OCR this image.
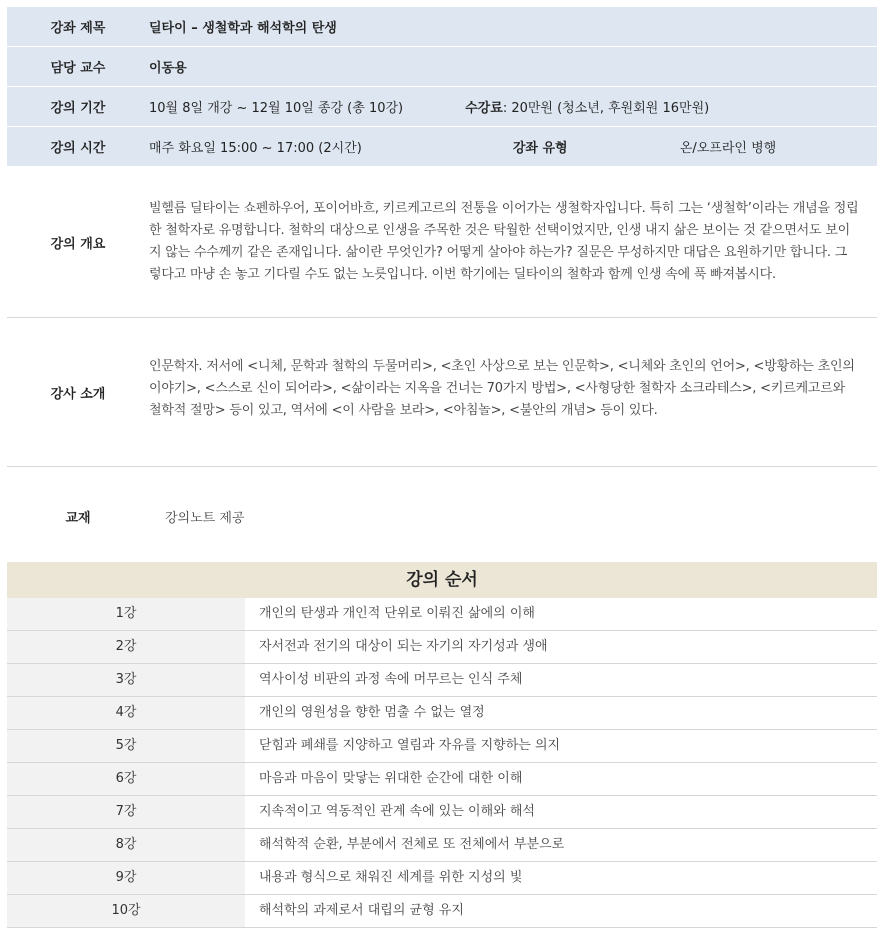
강좌 제목	딜타이 – 생철학과 해석학의 탄생
담당 교수	이동용
강의 기간	10월 8일 개강 ~ 12월 10일 종강 (총 10강)	수강료: 20만원 (청소년, 후원회원 16만원)
강의 시간	매주 화요일 15:00 ~ 17:00 (2시간)	강좌 유형	온/오프라인 병행
강의 개요
빌헬름 딜타이는 쇼펜하우어, 포이어바흐, 키르케고르의 전통을 이어가는 생철학자입니다. 특히 그는 ‘생철학’이라는 개념을 정립한 철학자로 유명합니다. 철학의 대상으로 인생을 주목한 것은 탁월한 선택이었지만, 인생 내지 삶은 보이는 것 같으면서도 보이지 않는 수수께끼 같은 존재입니다. 삶이란 무엇인가? 어떻게 살아야 하는가? 질문은 무성하지만 대답은 요원하기만 합니다. 그렇다고 마냥 손 놓고 기다릴 수도 없는 노릇입니다. 이번 학기에는 딜타이의 철학과 함께 인생 속에 푹 빠져봅시다.
강사 소개
인문학자. 저서에 <니체, 문학과 철학의 두물머리>, <초인 사상으로 보는 인문학>, <니체와 초인의 언어>, <방황하는 초인의 이야기>, <스스로 신이 되어라>, <삶이라는 지옥을 건너는 70가지 방법>, <사형당한 철학자 소크라테스>, <키르케고르와 철학적 절망> 등이 있고, 역서에 <이 사람을 보라>, <아침놀>, <불안의 개념> 등이 있다.
교재	강의노트 제공
강의 순서
1강	개인의 탄생과 개인적 단위로 이뤄진 삶에의 이해
2강	자서전과 전기의 대상이 되는 자기의 자기성과 생애
3강	역사이성 비판의 과정 속에 머무르는 인식 주체
4강	개인의 영원성을 향한 멈출 수 없는 열정
5강	닫힘과 폐쇄를 지양하고 열림과 자유를 지향하는 의지
6강	마음과 마음이 맞닿는 위대한 순간에 대한 이해
7강	지속적이고 역동적인 관계 속에 있는 이해와 해석
8강	해석학적 순환, 부분에서 전체로 또 전체에서 부분으로
9강	내용과 형식으로 채워진 세계를 위한 지성의 빛
10강	해석학의 과제로서 대립의 균형 유지
